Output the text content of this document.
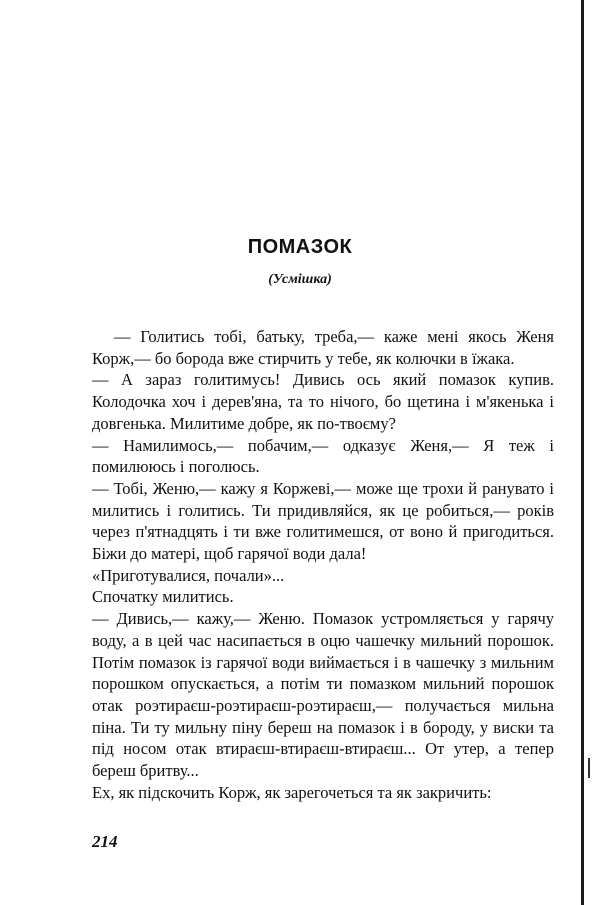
ПОМАЗОК
(Усмішка)

— Голитись тобі, батьку, треба,— каже мені якось Женя Корж,— бо борода вже стирчить у тебе, як колючки в їжака.

— А зараз голитимусь! Дивись ось який помазок купив. Колодочка хоч і дерев'яна, та то нічого, бо щетина і м'якенька і довгенька. Милитиме добре, як по-твоєму?

— Намилимось,— побачим,— одказує Женя,— Я теж і помилююсь і поголюсь.

— Тобі, Женю,— кажу я Коржеві,— може ще трохи й ранувато і милитись і голитись. Ти придивляйся, як це робиться,— років через п'ятнадцять і ти вже голитимешся, от воно й пригодиться. Біжи до матері, щоб гарячої води дала!

«Приготувалися, почали»...

Спочатку милитись.

— Дивись,— кажу,— Женю. Помазок устромляється у гарячу воду, а в цей час насипається в оцю чашечку мильний порошок. Потім помазок із гарячої води виймається і в чашечку з мильним порошком опускається, а потім ти помазком мильний порошок отак роэтираєш-роэтираєш-роэтираєш,— получається мильна піна. Ти ту мильну піну береш на помазок і в бороду, у виски та під носом отак втираєш-втираєш-втираєш... От утер, а тепер береш бритву...

Ех, як підскочить Корж, як зарегочеться та як закричить:

214
